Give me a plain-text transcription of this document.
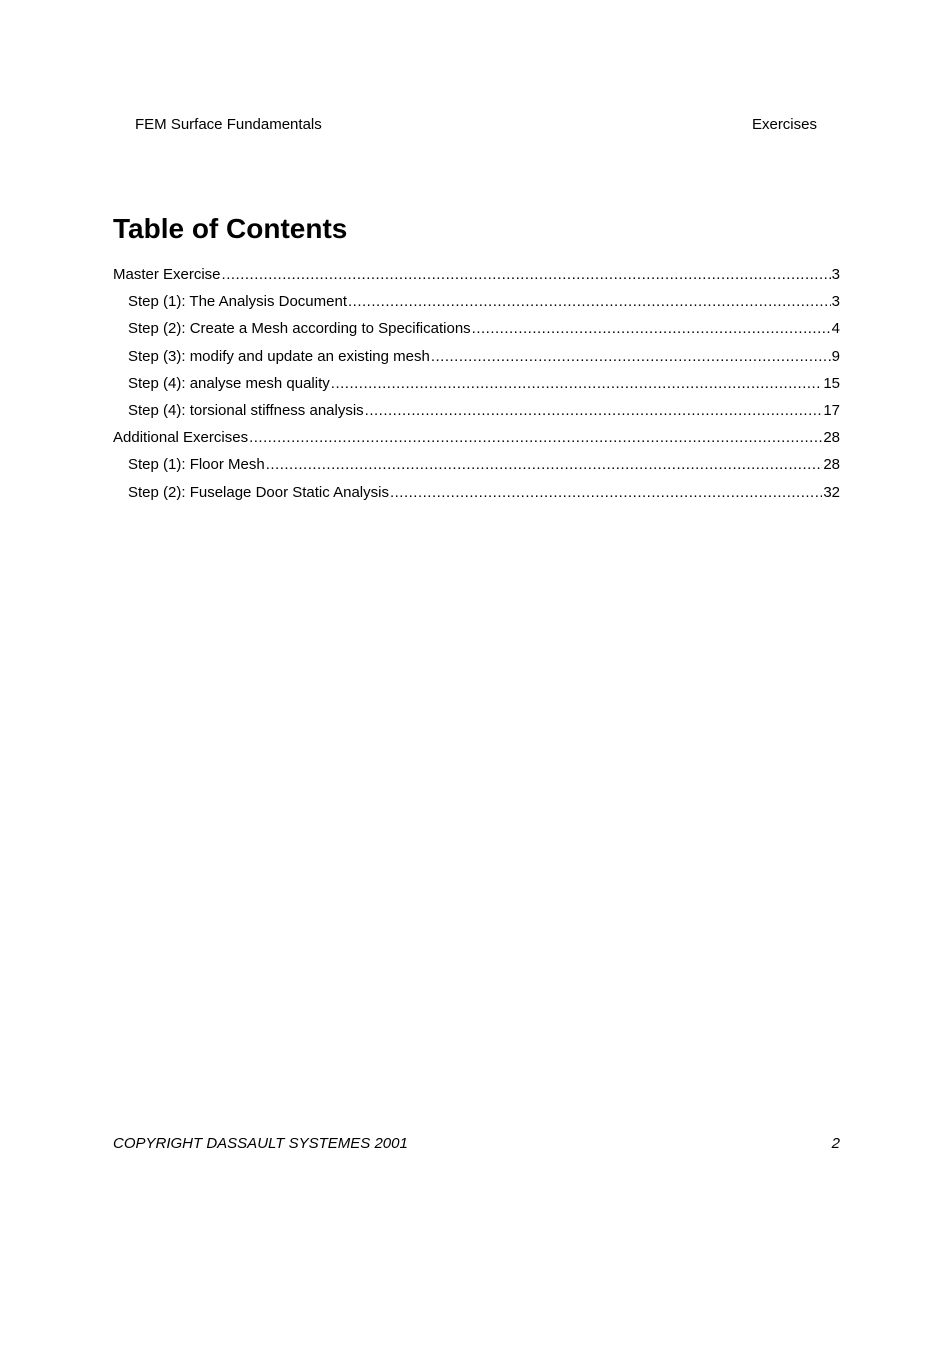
FEM Surface Fundamentals	Exercises
Table of Contents
Master Exercise .....	3
Step (1): The Analysis Document .....	3
Step (2): Create a Mesh according to Specifications .....	4
Step (3): modify and update an existing mesh .....	9
Step (4): analyse mesh quality .....	15
Step (4): torsional stiffness analysis .....	17
Additional Exercises .....	28
Step (1): Floor Mesh .....	28
Step (2): Fuselage Door Static Analysis .....	32
COPYRIGHT DASSAULT SYSTEMES 2001	2
